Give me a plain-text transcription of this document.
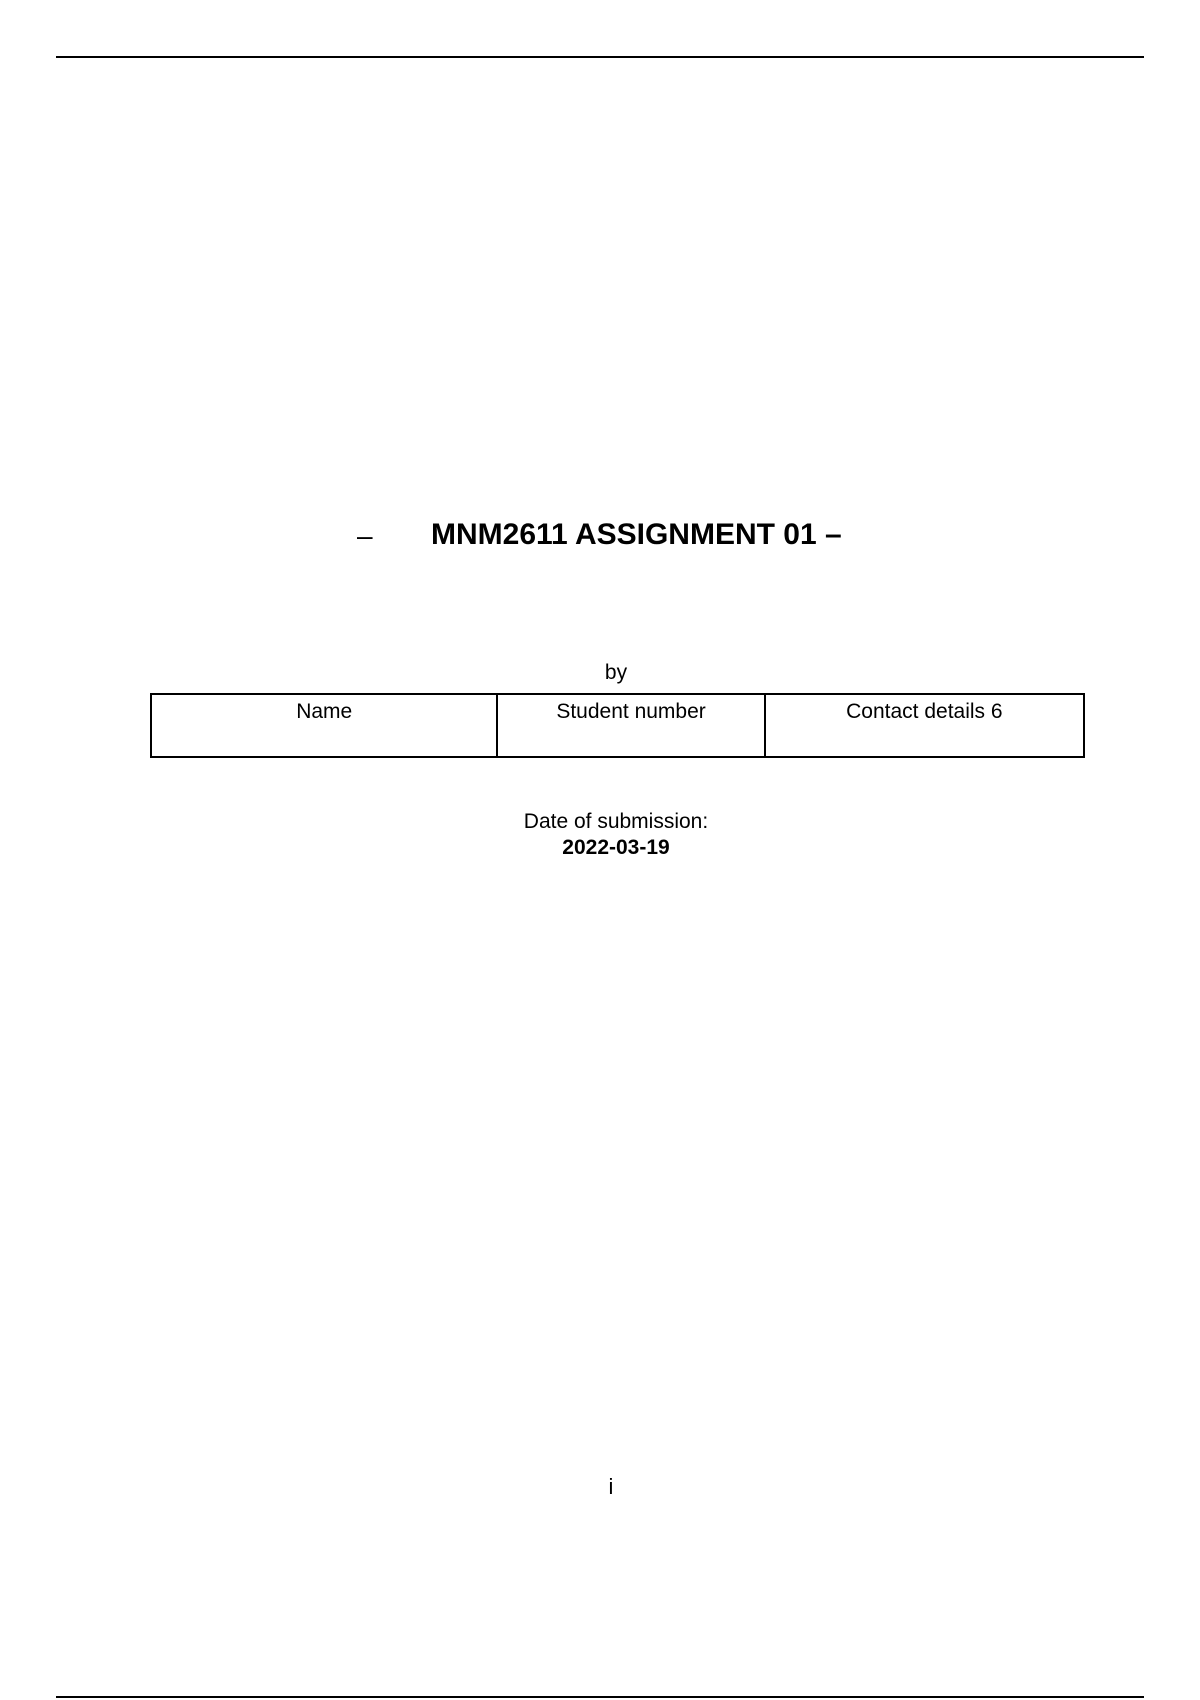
– MNM2611 ASSIGNMENT 01 –
by
Name	Student number	Contact details 6
Date of submission:
2022-03-19
i
